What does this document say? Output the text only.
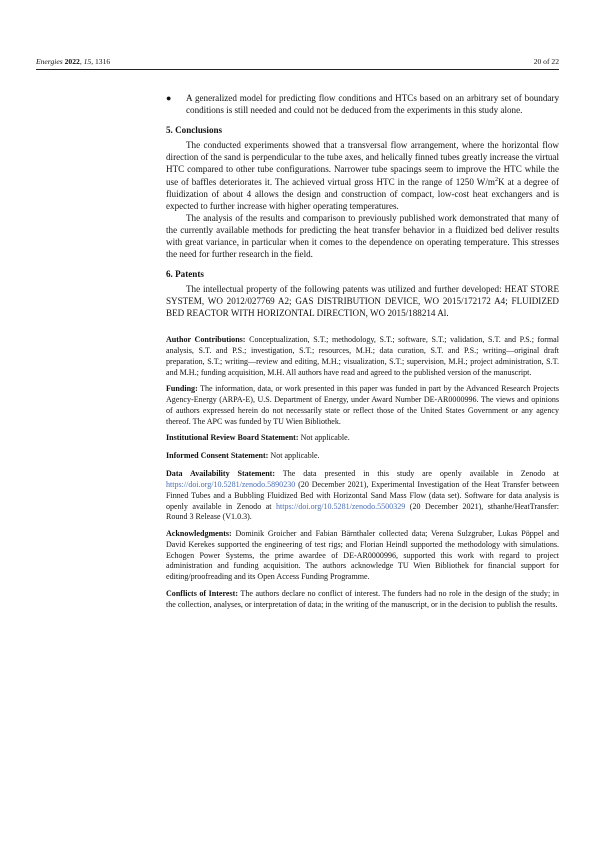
Energies 2022, 15, 1316	20 of 22
● A generalized model for predicting flow conditions and HTCs based on an arbitrary set of boundary conditions is still needed and could not be deduced from the experiments in this study alone.
5. Conclusions

The conducted experiments showed that a transversal flow arrangement, where the horizontal flow direction of the sand is perpendicular to the tube axes, and helically finned tubes greatly increase the virtual HTC compared to other tube configurations. Narrower tube spacings seem to improve the HTC while the use of baffles deteriorates it. The achieved virtual gross HTC in the range of 1250 $W/m^2K$ at a degree of fluidization of about 4 allows the design and construction of compact, low-cost heat exchangers and is expected to further increase with higher operating temperatures.

The analysis of the results and comparison to previously published work demonstrated that many of the currently available methods for predicting the heat transfer behavior in a fluidized bed deliver results with great variance, in particular when it comes to the dependence on operating temperature. This stresses the need for further research in the field.

6. Patents

The intellectual property of the following patents was utilized and further developed: HEAT STORE SYSTEM, WO 2012/027769 A2; GAS DISTRIBUTION DEVICE, WO 2015/172172 A4; FLUIDIZED BED REACTOR WITH HORIZONTAL DIRECTION, WO 2015/188214 Al.

Author Contributions: Conceptualization, S.T.; methodology, S.T.; software, S.T.; validation, S.T. and P.S.; formal analysis, S.T. and P.S.; investigation, S.T.; resources, M.H.; data curation, S.T. and P.S.; writing—original draft preparation, S.T.; writing—review and editing, M.H.; visualization, S.T.; supervision, M.H.; project administration, S.T. and M.H.; funding acquisition, M.H. All authors have read and agreed to the published version of the manuscript.

Funding: The information, data, or work presented in this paper was funded in part by the Advanced Research Projects Agency-Energy (ARPA-E), U.S. Department of Energy, under Award Number DE-AR0000996. The views and opinions of authors expressed herein do not necessarily state or reflect those of the United States Government or any agency thereof. The APC was funded by TU Wien Bibliothek.

Institutional Review Board Statement: Not applicable.

Informed Consent Statement: Not applicable.

Data Availability Statement: The data presented in this study are openly available in Zenodo at https://doi.org/10.5281/zenodo.5890230 (20 December 2021), Experimental Investigation of the Heat Transfer between Finned Tubes and a Bubbling Fluidized Bed with Horizontal Sand Mass Flow (data set). Software for data analysis is openly available in Zenodo at https://doi.org/10.5281/zenodo.5500329 (20 December 2021), sthanhe/HeatTransfer: Round 3 Release (V1.0.3).

Acknowledgments: Dominik Groicher and Fabian Bärnthaler collected data; Verena Sulzgruber, Lukas Pöppel and David Kerekes supported the engineering of test rigs; and Florian Heindl supported the methodology with simulations. Echogen Power Systems, the prime awardee of DE-AR0000996, supported this work with regard to project administration and funding acquisition. The authors acknowledge TU Wien Bibliothek for financial support for editing/proofreading and its Open Access Funding Programme.

Conflicts of Interest: The authors declare no conflict of interest. The funders had no role in the design of the study; in the collection, analyses, or interpretation of data; in the writing of the manuscript, or in the decision to publish the results.
